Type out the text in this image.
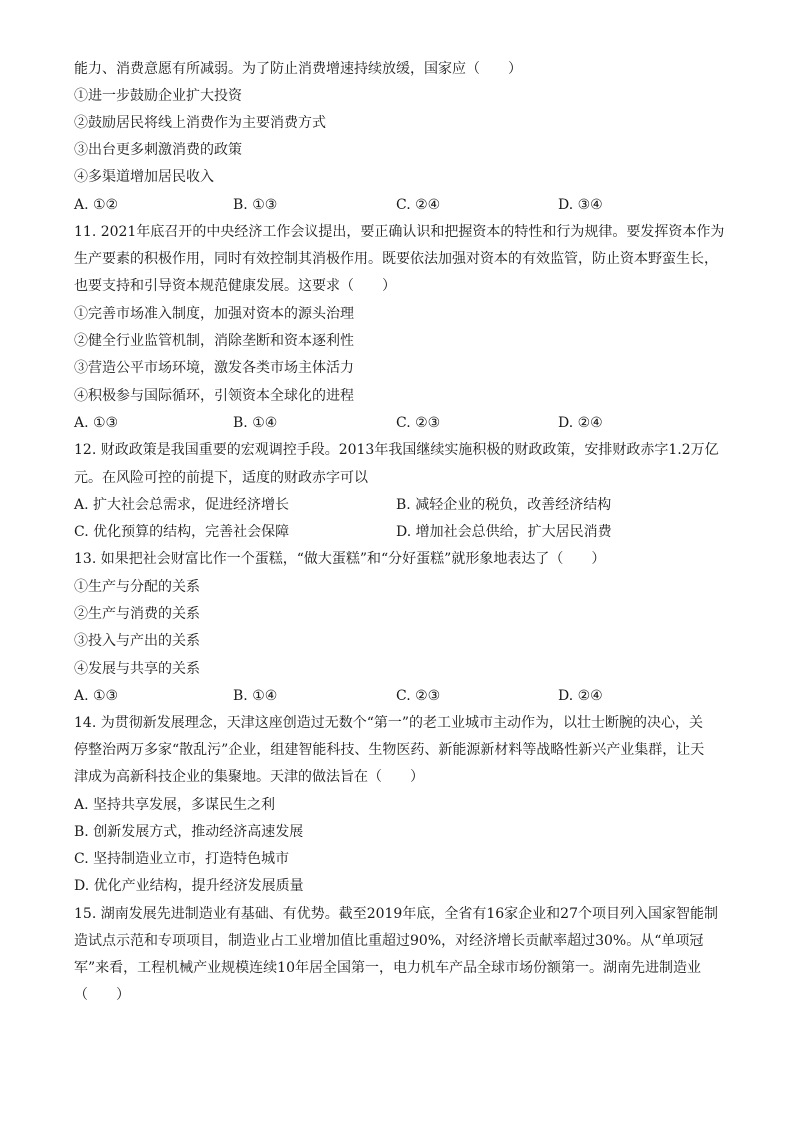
能力、消费意愿有所减弱。为了防止消费增速持续放缓，国家应（　　）
①进一步鼓励企业扩大投资
②鼓励居民将线上消费作为主要消费方式
③出台更多刺激消费的政策
④多渠道增加居民收入
A. ①②	B. ①③	C. ②④	D. ③④
11. 2021年底召开的中央经济工作会议提出，要正确认识和把握资本的特性和行为规律。要发挥资本作为
生产要素的积极作用，同时有效控制其消极作用。既要依法加强对资本的有效监管，防止资本野蛮生长，
也要支持和引导资本规范健康发展。这要求（　　）
①完善市场准入制度，加强对资本的源头治理
②健全行业监管机制，消除垄断和资本逐利性
③营造公平市场环境，激发各类市场主体活力
④积极参与国际循环，引领资本全球化的进程
A. ①③	B. ①④	C. ②③	D. ②④
12. 财政政策是我国重要的宏观调控手段。2013年我国继续实施积极的财政政策，安排财政赤字1.2万亿
元。在风险可控的前提下，适度的财政赤字可以
A. 扩大社会总需求，促进经济增长	B. 减轻企业的税负，改善经济结构
C. 优化预算的结构，完善社会保障	D. 增加社会总供给，扩大居民消费
13. 如果把社会财富比作一个蛋糕，“做大蛋糕”和“分好蛋糕”就形象地表达了（　　）
①生产与分配的关系
②生产与消费的关系
③投入与产出的关系
④发展与共享的关系
A. ①③	B. ①④	C. ②③	D. ②④
14. 为贯彻新发展理念，天津这座创造过无数个“第一”的老工业城市主动作为，以壮士断腕的决心，关
停整治两万多家“散乱污”企业，组建智能科技、生物医药、新能源新材料等战略性新兴产业集群，让天
津成为高新科技企业的集聚地。天津的做法旨在（　　）
A. 坚持共享发展，多谋民生之利
B. 创新发展方式，推动经济高速发展
C. 坚持制造业立市，打造特色城市
D. 优化产业结构，提升经济发展质量
15. 湖南发展先进制造业有基础、有优势。截至2019年底，全省有16家企业和27个项目列入国家智能制
造试点示范和专项项目，制造业占工业增加值比重超过90%，对经济增长贡献率超过30%。从“单项冠
军”来看，工程机械产业规模连续10年居全国第一，电力机车产品全球市场份额第一。湖南先进制造业
（　　）
